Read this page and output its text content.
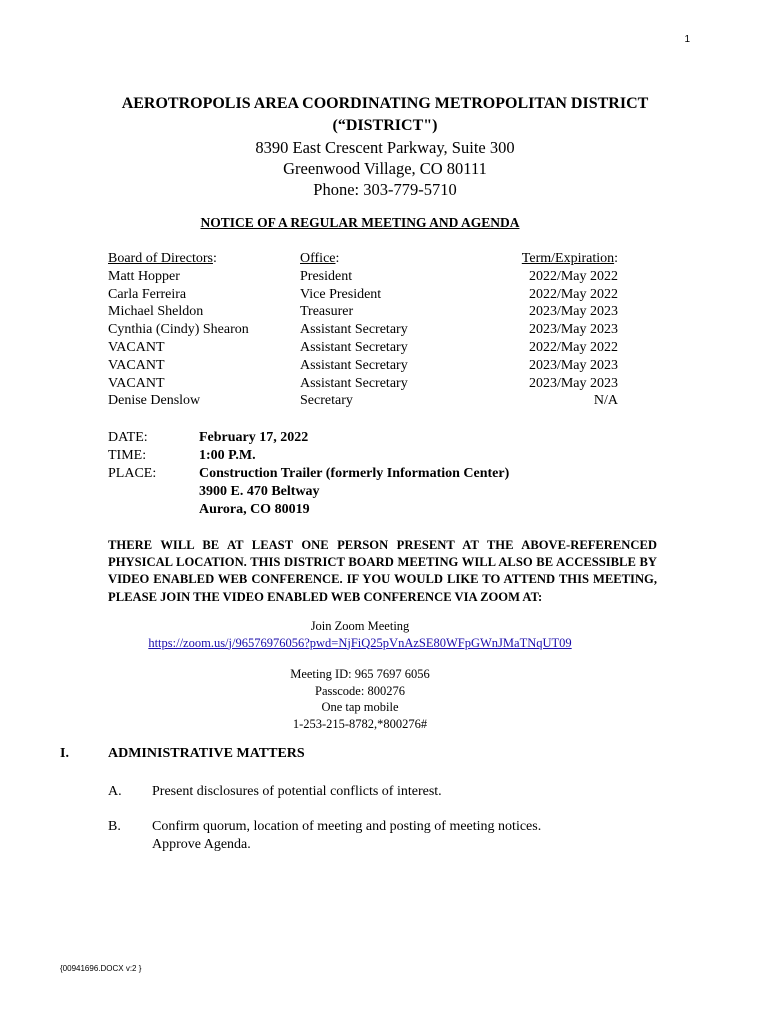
1
AEROTROPOLIS AREA COORDINATING METROPOLITAN DISTRICT
(“DISTRICT")
8390 East Crescent Parkway, Suite 300
Greenwood Village, CO 80111
Phone: 303-779-5710
NOTICE OF A REGULAR MEETING AND AGENDA
Board of Directors:	Office:	Term/Expiration:
Matt Hopper	President	2022/May 2022
Carla Ferreira	Vice President	2022/May 2022
Michael Sheldon	Treasurer	2023/May 2023
Cynthia (Cindy) Shearon	Assistant Secretary	2023/May 2023
VACANT	Assistant Secretary	2022/May 2022
VACANT	Assistant Secretary	2023/May 2023
VACANT	Assistant Secretary	2023/May 2023
Denise Denslow	Secretary	N/A
DATE:	February 17, 2022
TIME:	1:00 P.M.
PLACE:	Construction Trailer (formerly Information Center)
3900 E. 470 Beltway
Aurora, CO 80019
THERE WILL BE AT LEAST ONE PERSON PRESENT AT THE ABOVE-REFERENCED PHYSICAL LOCATION. THIS DISTRICT BOARD MEETING WILL ALSO BE ACCESSIBLE BY VIDEO ENABLED WEB CONFERENCE. IF YOU WOULD LIKE TO ATTEND THIS MEETING, PLEASE JOIN THE VIDEO ENABLED WEB CONFERENCE VIA ZOOM AT:
Join Zoom Meeting
https://zoom.us/j/96576976056?pwd=NjFiQ25pVnAzSE80WFpGWnJMaTNqUT09
Meeting ID: 965 7697 6056
Passcode: 800276
One tap mobile
1-253-215-8782,*800276#
I.	ADMINISTRATIVE MATTERS
A. Present disclosures of potential conflicts of interest.
B. Confirm quorum, location of meeting and posting of meeting notices.
Approve Agenda.
{00941696.DOCX v:2 }
